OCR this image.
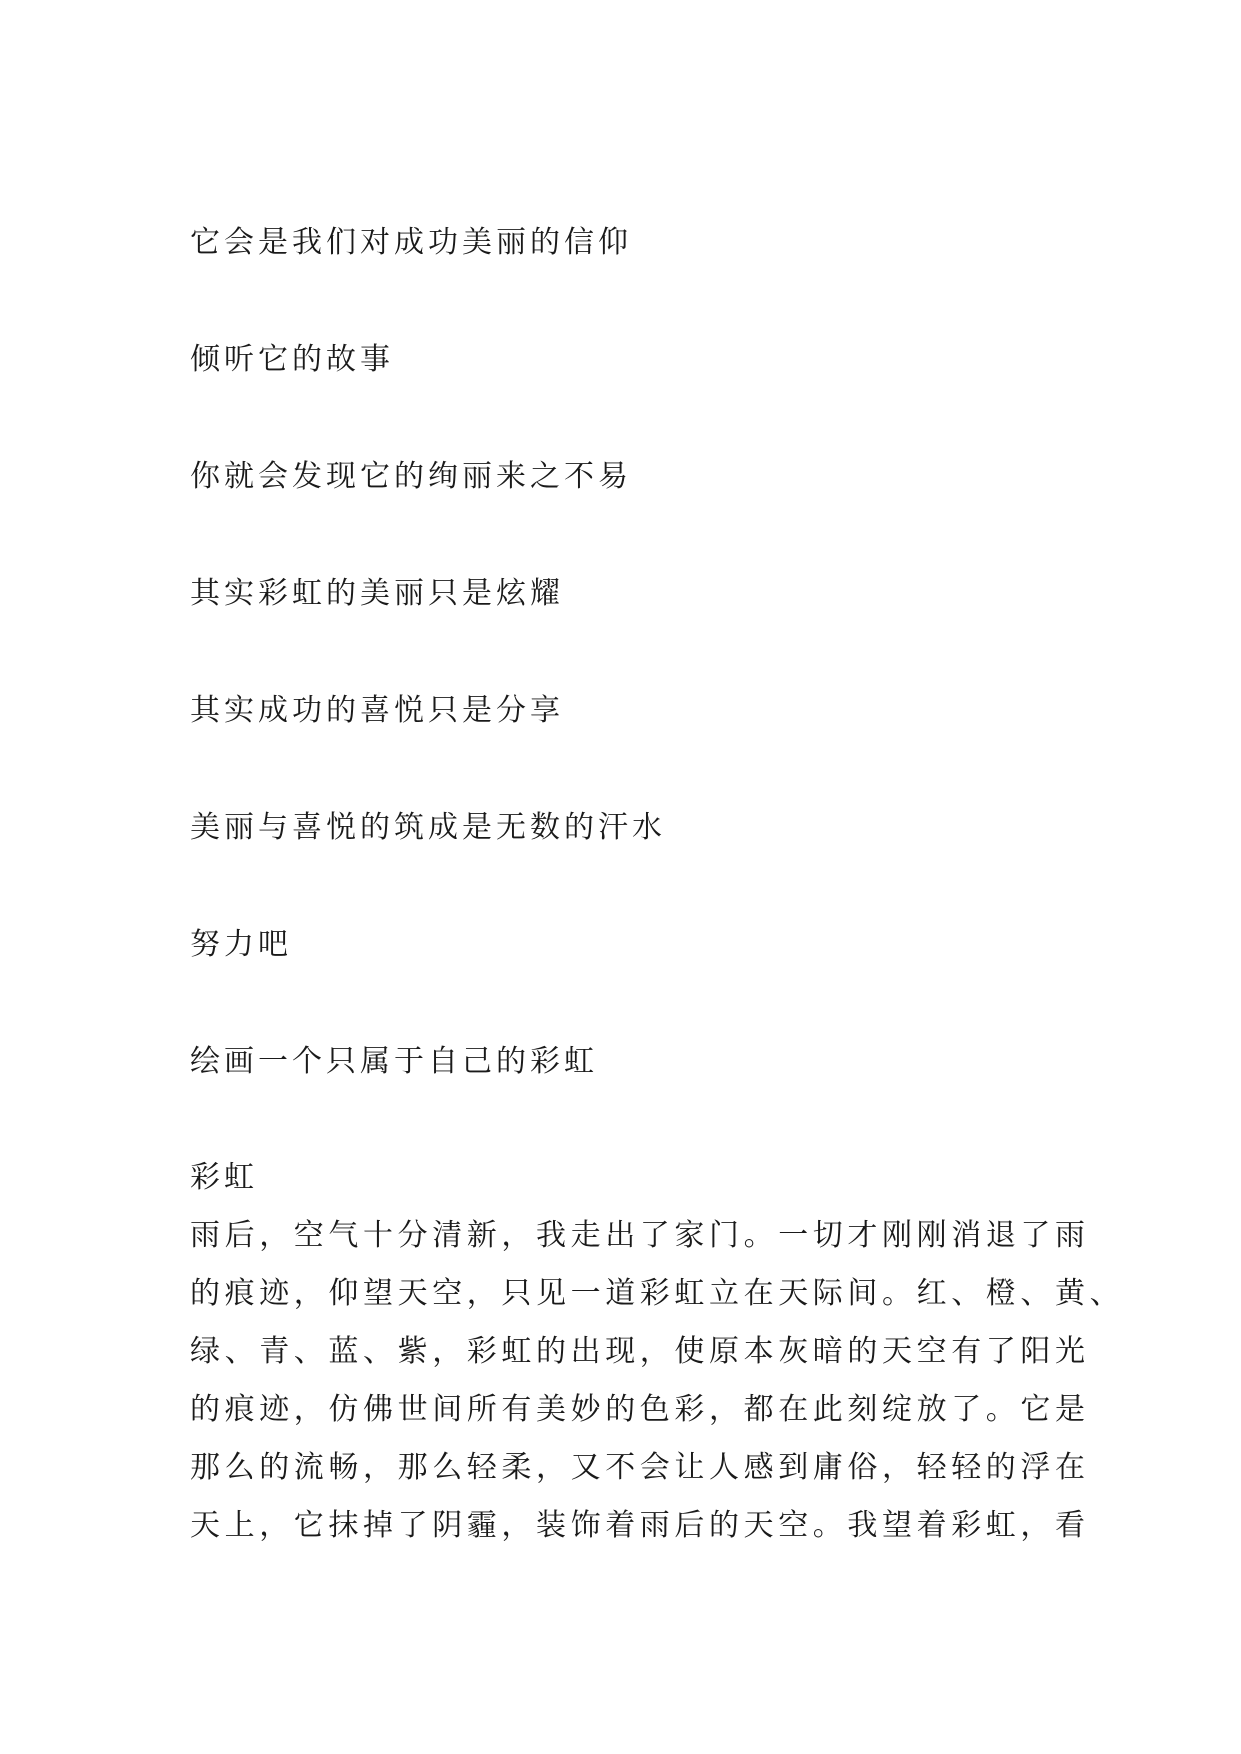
它会是我们对成功美丽的信仰

倾听它的故事

你就会发现它的绚丽来之不易

其实彩虹的美丽只是炫耀

其实成功的喜悦只是分享

美丽与喜悦的筑成是无数的汗水

努力吧

绘画一个只属于自己的彩虹

彩虹

雨后，空气十分清新，我走出了家门。一切才刚刚消退了雨

的痕迹，仰望天空，只见一道彩虹立在天际间。红、橙、黄、

绿、青、蓝、紫，彩虹的出现，使原本灰暗的天空有了阳光

的痕迹，仿佛世间所有美妙的色彩，都在此刻绽放了。它是

那么的流畅，那么轻柔，又不会让人感到庸俗，轻轻的浮在

天上，它抹掉了阴霾，装饰着雨后的天空。我望着彩虹，看
